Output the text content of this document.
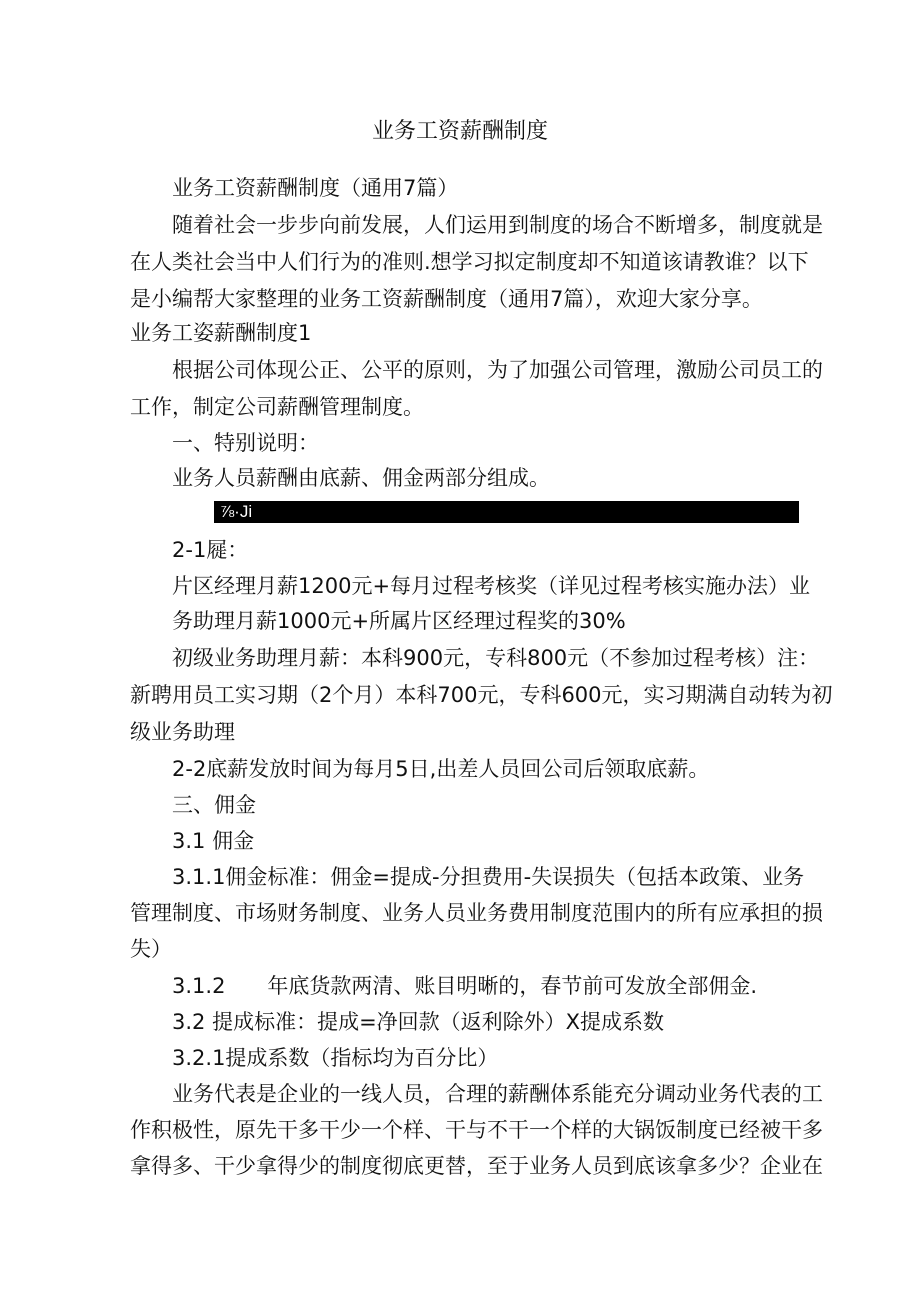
业务工资薪酬制度
业务工资薪酬制度（通用7篇）
随着社会一步步向前发展，人们运用到制度的场合不断增多，制度就是
在人类社会当中人们行为的准则.想学习拟定制度却不知道该请教谁？以下
是小编帮大家整理的业务工资薪酬制度（通用7篇），欢迎大家分享。
业务工姿薪酬制度1
根据公司体现公正、公平的原则，为了加强公司管理，激励公司员工的
工作，制定公司薪酬管理制度。
一、特别说明：
业务人员薪酬由底薪、佣金两部分组成。
⅞·Ji
2-1屣：
片区经理月薪1200元+每月过程考核奖（详见过程考核实施办法）业
务助理月薪1000元+所属片区经理过程奖的30%
初级业务助理月薪：本科900元，专科800元（不参加过程考核）注：
新聘用员工实习期（2个月）本科700元，专科600元，实习期满自动转为初
级业务助理
2-2底薪发放时间为每月5日,出差人员回公司后领取底薪。
三、佣金
3.1 佣金
3.1.1佣金标准：佣金=提成-分担费用-失误损失（包括本政策、业务
管理制度、市场财务制度、业务人员业务费用制度范围内的所有应承担的损
失）
3.1.2　　年底货款两清、账目明晰的，春节前可发放全部佣金.
3.2 提成标准：提成=净回款（返利除外）X提成系数
3.2.1提成系数（指标均为百分比）
业务代表是企业的一线人员，合理的薪酬体系能充分调动业务代表的工
作积极性，原先干多干少一个样、干与不干一个样的大锅饭制度已经被干多
拿得多、干少拿得少的制度彻底更替，至于业务人员到底该拿多少？企业在
